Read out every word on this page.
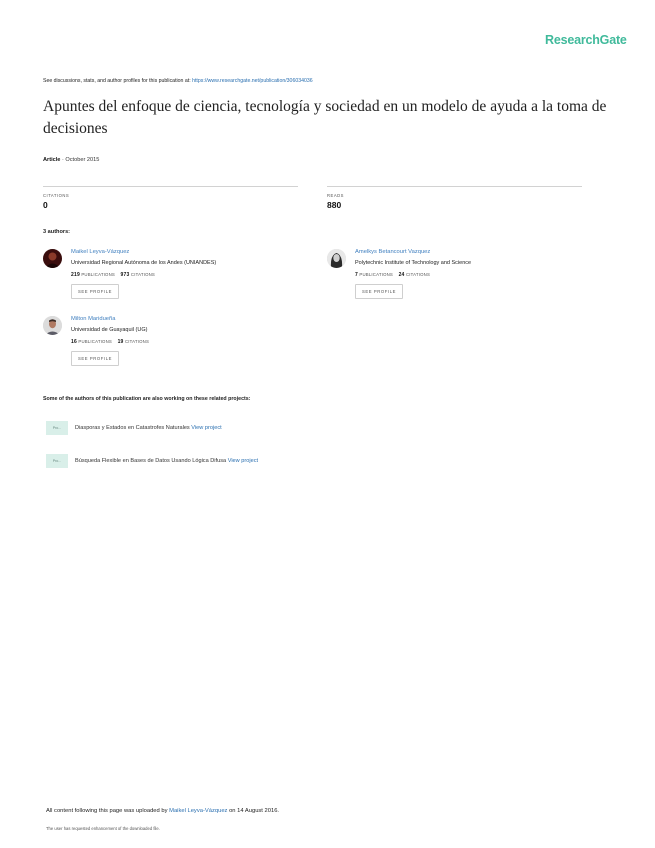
ResearchGate
See discussions, stats, and author profiles for this publication at: https://www.researchgate.net/publication/306034036
Apuntes del enfoque de ciencia, tecnología y sociedad en un modelo de ayuda a la toma de decisiones
Article · October 2015
CITATIONS
0
READS
880
3 authors:
Maikel Leyva-Vázquez
Universidad Regional Autónoma de los Andes (UNIANDES)
219 PUBLICATIONS 973 CITATIONS
SEE PROFILE
Amelkys Betancourt Vazquez
Polytechnic Institute of Technology and Science
7 PUBLICATIONS 24 CITATIONS
SEE PROFILE
Milton Maridueña
Universidad de Guayaquil (UG)
16 PUBLICATIONS 19 CITATIONS
SEE PROFILE
Some of the authors of this publication are also working on these related projects:
Pro...	Diasporas y Estados en Catastrofes Naturales View project
Pro...	Búsqueda Flexible en Bases de Datos Usando Lógica Difusa View project
All content following this page was uploaded by Maikel Leyva-Vázquez on 14 August 2016.
The user has requested enhancement of the downloaded file.
